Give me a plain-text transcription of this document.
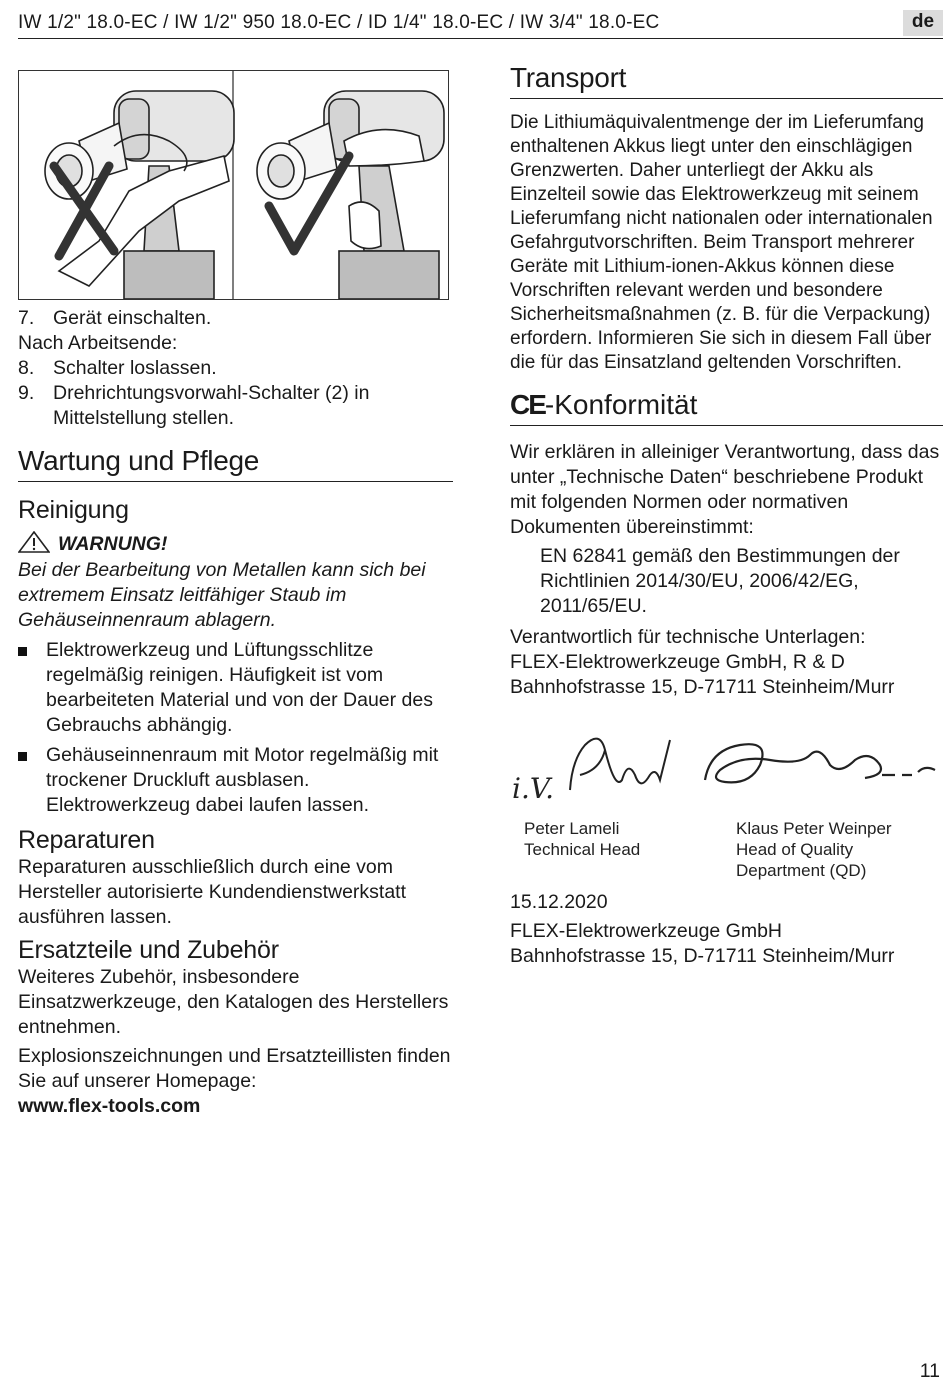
IW 1/2" 18.0-EC / IW 1/2" 950 18.0-EC / ID 1/4" 18.0-EC / IW 3/4" 18.0-EC	de
7. Gerät einschalten.

Nach Arbeitsende:

8. Schalter loslassen.
9. Drehrichtungsvorwahl-Schalter (2) in Mittelstellung stellen.
Wartung und Pflege
Reinigung
WARNUNG!

Bei der Bearbeitung von Metallen kann sich bei extremem Einsatz leitfähiger Staub im Gehäuseinnenraum ablagern.

Elektrowerkzeug und Lüftungsschlitze regelmäßig reinigen. Häufigkeit ist vom bearbeiteten Material und von der Dauer des Gebrauchs abhängig.
Gehäuseinnenraum mit Motor regelmäßig mit trockener Druckluft ausblasen. Elektrowerkzeug dabei laufen lassen.
Reparaturen

Reparaturen ausschließlich durch eine vom Hersteller autorisierte Kundendienstwerkstatt ausführen lassen.

Ersatzteile und Zubehör

Weiteres Zubehör, insbesondere Einsatzwerkzeuge, den Katalogen des Herstellers entnehmen.

Explosionszeichnungen und Ersatzteillisten finden Sie auf unserer Homepage:

www.flex-tools.com

Transport

Die Lithiumäquivalentmenge der im Lieferumfang enthaltenen Akkus liegt unter den einschlägigen Grenzwerten. Daher unterliegt der Akku als Einzelteil sowie das Elektrowerkzeug mit seinem Lieferumfang nicht nationalen oder internationalen Gefahrgutvorschriften. Beim Transport mehrerer Geräte mit Lithium-ionen-Akkus können diese Vorschriften relevant werden und besondere Sicherheitsmaßnahmen (z. B. für die Verpackung) erfordern. Informieren Sie sich in diesem Fall über die für das Einsatzland geltenden Vorschriften.

CE -Konformität

Wir erklären in alleiniger Verantwortung, dass das unter „Technische Daten“ beschriebene Produkt mit folgenden Normen oder normativen Dokumenten übereinstimmt:

EN 62841 gemäß den Bestimmungen der Richtlinien 2014/30/EU, 2006/42/EG, 2011/65/EU.

Verantwortlich für technische Unterlagen:

FLEX-Elektrowerkzeuge GmbH, R & D

Bahnhofstrasse 15, D-71711 Steinheim/Murr

i.V.
Peter Lameli
Technical Head
Klaus Peter Weinper
Head of Quality
Department (QD)

15.12.2020

FLEX-Elektrowerkzeuge GmbH

Bahnhofstrasse 15, D-71711 Steinheim/Murr

11
